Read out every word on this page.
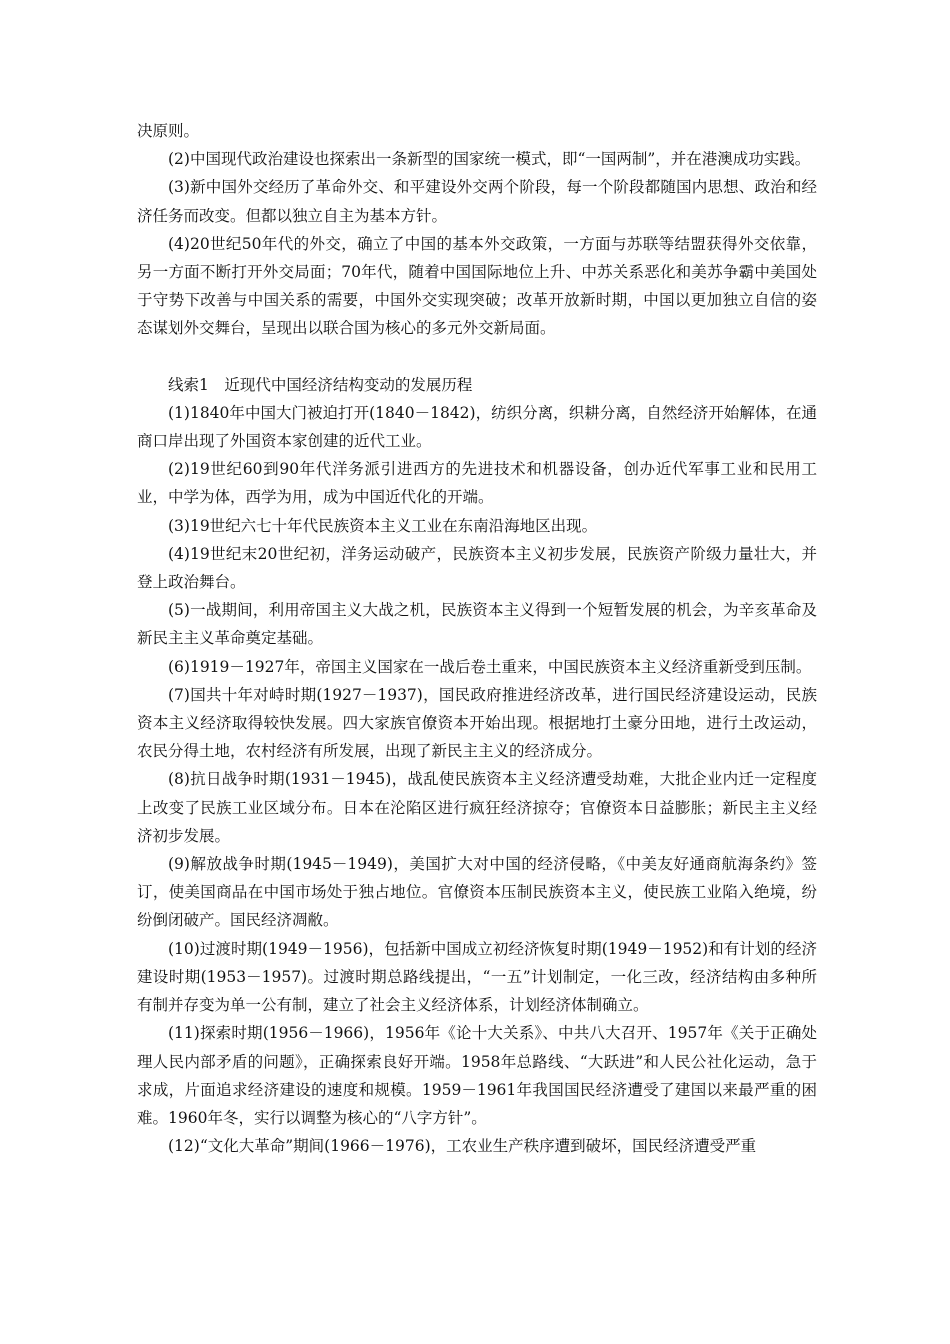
决原则。

(2)中国现代政治建设也探索出一条新型的国家统一模式，即“一国两制”，并在港澳成功实践。

(3)新中国外交经历了革命外交、和平建设外交两个阶段，每一个阶段都随国内思想、政治和经济任务而改变。但都以独立自主为基本方针。

(4)20世纪50年代的外交，确立了中国的基本外交政策，一方面与苏联等结盟获得外交依靠，另一方面不断打开外交局面；70年代，随着中国国际地位上升、中苏关系恶化和美苏争霸中美国处于守势下改善与中国关系的需要，中国外交实现突破；改革开放新时期，中国以更加独立自信的姿态谋划外交舞台，呈现出以联合国为核心的多元外交新局面。

线索1　近现代中国经济结构变动的发展历程

(1)1840年中国大门被迫打开(1840－1842)，纺织分离，织耕分离，自然经济开始解体，在通商口岸出现了外国资本家创建的近代工业。

(2)19世纪60到90年代洋务派引进西方的先进技术和机器设备，创办近代军事工业和民用工业，中学为体，西学为用，成为中国近代化的开端。

(3)19世纪六七十年代民族资本主义工业在东南沿海地区出现。

(4)19世纪末20世纪初，洋务运动破产，民族资本主义初步发展，民族资产阶级力量壮大，并登上政治舞台。

(5)一战期间，利用帝国主义大战之机，民族资本主义得到一个短暂发展的机会，为辛亥革命及新民主主义革命奠定基础。

(6)1919－1927年，帝国主义国家在一战后卷土重来，中国民族资本主义经济重新受到压制。

(7)国共十年对峙时期(1927－1937)，国民政府推进经济改革，进行国民经济建设运动，民族资本主义经济取得较快发展。四大家族官僚资本开始出现。根据地打土豪分田地，进行土改运动，农民分得土地，农村经济有所发展，出现了新民主主义的经济成分。

(8)抗日战争时期(1931－1945)，战乱使民族资本主义经济遭受劫难，大批企业内迁一定程度上改变了民族工业区域分布。日本在沦陷区进行疯狂经济掠夺；官僚资本日益膨胀；新民主主义经济初步发展。

(9)解放战争时期(1945－1949)，美国扩大对中国的经济侵略，《中美友好通商航海条约》签订，使美国商品在中国市场处于独占地位。官僚资本压制民族资本主义，使民族工业陷入绝境，纷纷倒闭破产。国民经济凋敝。

(10)过渡时期(1949－1956)，包括新中国成立初经济恢复时期(1949－1952)和有计划的经济建设时期(1953－1957)。过渡时期总路线提出，“一五”计划制定，一化三改，经济结构由多种所有制并存变为单一公有制，建立了社会主义经济体系，计划经济体制确立。

(11)探索时期(1956－1966)，1956年《论十大关系》、中共八大召开、1957年《关于正确处理人民内部矛盾的问题》，正确探索良好开端。1958年总路线、“大跃进”和人民公社化运动，急于求成，片面追求经济建设的速度和规模。1959－1961年我国国民经济遭受了建国以来最严重的困难。1960年冬，实行以调整为核心的“八字方针”。

(12)“文化大革命”期间(1966－1976)，工农业生产秩序遭到破坏，国民经济遭受严重
